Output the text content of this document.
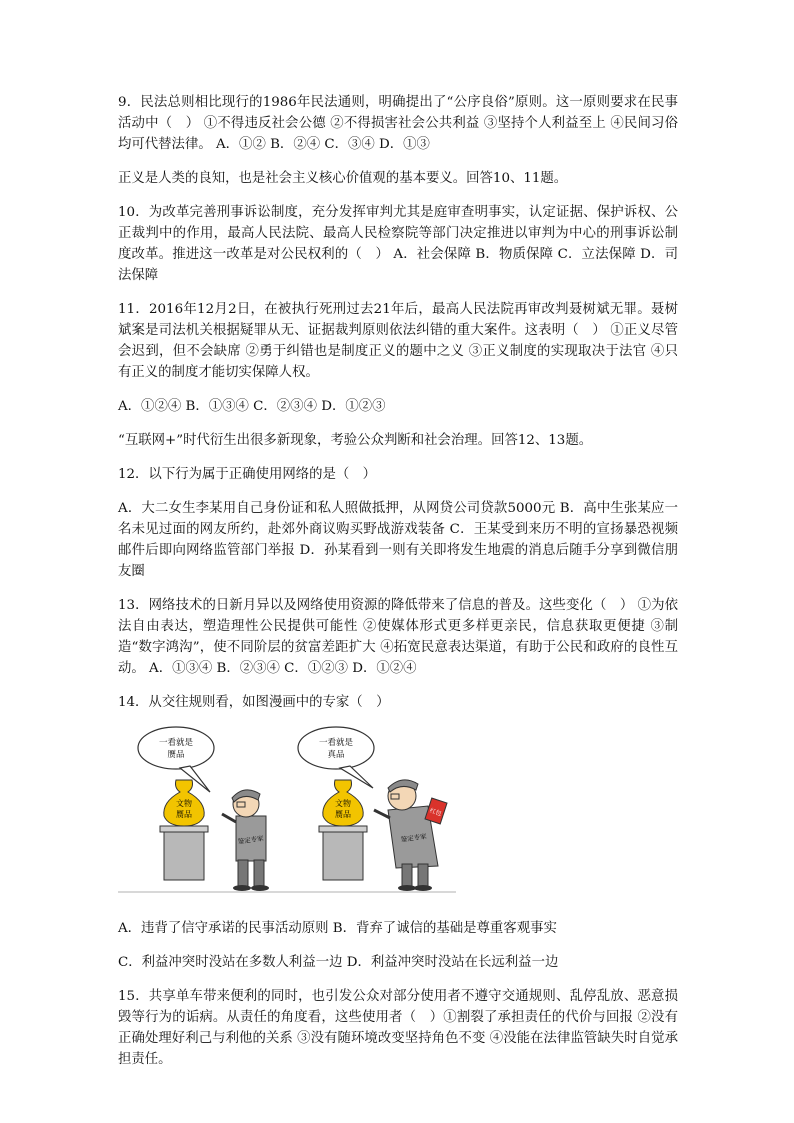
9．民法总则相比现行的1986年民法通则，明确提出了“公序良俗”原则。这一原则要求在民事活动中（　） ①不得违反社会公德 ②不得损害社会公共利益 ③坚持个人利益至上 ④民间习俗均可代替法律。 A．①② B．②④ C．③④ D．①③

正义是人类的良知，也是社会主义核心价值观的基本要义。回答10、11题。

10．为改革完善刑事诉讼制度，充分发挥审判尤其是庭审查明事实，认定证据、保护诉权、公正裁判中的作用，最高人民法院、最高人民检察院等部门决定推进以审判为中心的刑事诉讼制度改革。推进这一改革是对公民权利的（　） A．社会保障 B．物质保障 C．立法保障 D．司法保障

11．2016年12月2日，在被执行死刑过去21年后，最高人民法院再审改判聂树斌无罪。聂树斌案是司法机关根据疑罪从无、证据裁判原则依法纠错的重大案件。这表明（　） ①正义尽管会迟到，但不会缺席 ②勇于纠错也是制度正义的题中之义 ③正义制度的实现取决于法官 ④只有正义的制度才能切实保障人权。

A．①②④ B．①③④ C．②③④ D．①②③

“互联网+”时代衍生出很多新现象，考验公众判断和社会治理。回答12、13题。

12．以下行为属于正确使用网络的是（　）

A．大二女生李某用自己身份证和私人照做抵押，从网贷公司贷款5000元 B．高中生张某应一名未见过面的网友所约，赴郊外商议购买野战游戏装备 C．王某受到来历不明的宣扬暴恐视频邮件后即向网络监管部门举报 D．孙某看到一则有关即将发生地震的消息后随手分享到微信朋友圈

13．网络技术的日新月异以及网络使用资源的降低带来了信息的普及。这些变化（　） ①为依法自由表达，塑造理性公民提供可能性 ②使媒体形式更多样更亲民，信息获取更便捷 ③制造“数字鸿沟”，使不同阶层的贫富差距扩大 ④拓宽民意表达渠道，有助于公民和政府的良性互动。 A．①③④ B．②③④ C．①②③ D．①②④

14．从交往规则看，如图漫画中的专家（　）

一看就是
赝品
一看就是
真品
文物
赝品
鉴定专家
文物
赝品	红包
鉴定专家

A．违背了信守承诺的民事活动原则 B．背弃了诚信的基础是尊重客观事实

C．利益冲突时没站在多数人利益一边 D．利益冲突时没站在长远利益一边

15．共享单车带来便利的同时，也引发公众对部分使用者不遵守交通规则、乱停乱放、恶意损毁等行为的诟病。从责任的角度看，这些使用者（　）①割裂了承担责任的代价与回报 ②没有正确处理好利己与利他的关系 ③没有随环境改变坚持角色不变 ④没能在法律监管缺失时自觉承担责任。
